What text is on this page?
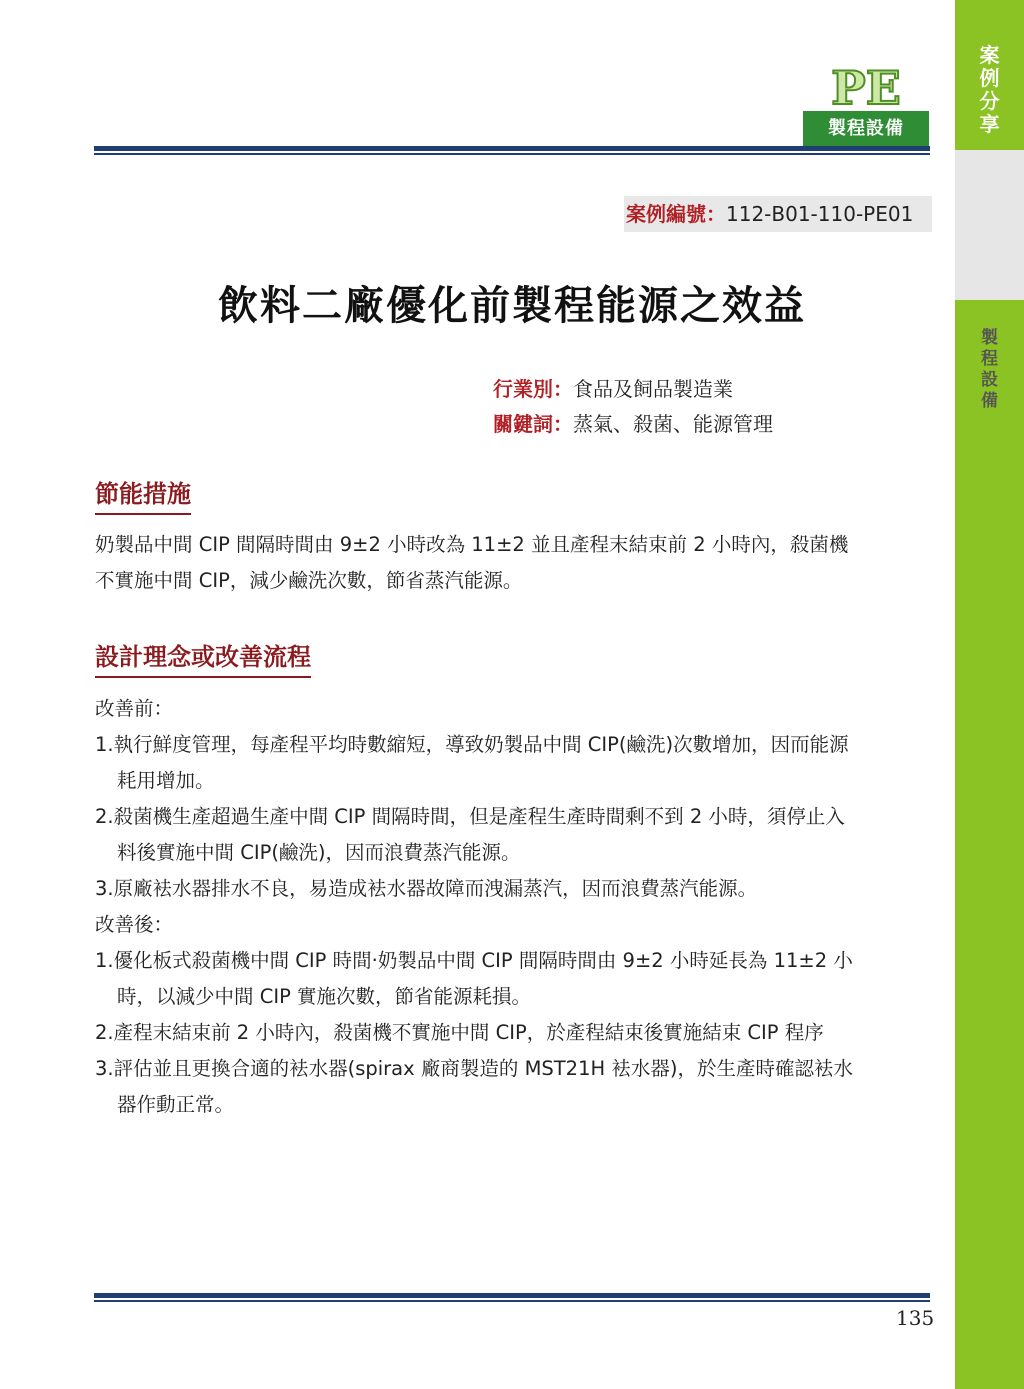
案
例
分
享
製
程
設
備
PE
製程設備
案例編號：112-B01-110-PE01
飲料二廠優化前製程能源之效益
行業別：食品及飼品製造業
關鍵詞：蒸氣、殺菌、能源管理
節能措施
奶製品中間 CIP 間隔時間由 9±2 小時改為 11±2 並且產程末結束前 2 小時內，殺菌機
不實施中間 CIP，減少鹼洗次數，節省蒸汽能源。
設計理念或改善流程
改善前：
1.執行鮮度管理，每產程平均時數縮短，導致奶製品中間 CIP(鹼洗)次數增加，因而能源
耗用增加。
2.殺菌機生產超過生產中間 CIP 間隔時間，但是產程生產時間剩不到 2 小時，須停止入
料後實施中間 CIP(鹼洗)，因而浪費蒸汽能源。
3.原廠袪水器排水不良，易造成袪水器故障而洩漏蒸汽，因而浪費蒸汽能源。
改善後：
1.優化板式殺菌機中間 CIP 時間‧奶製品中間 CIP 間隔時間由 9±2 小時延長為 11±2 小
時，以減少中間 CIP 實施次數，節省能源耗損。
2.產程末結束前 2 小時內，殺菌機不實施中間 CIP，於產程結束後實施結束 CIP 程序
3.評估並且更換合適的袪水器(spirax 廠商製造的 MST21H 袪水器)，於生產時確認袪水
器作動正常。
135
